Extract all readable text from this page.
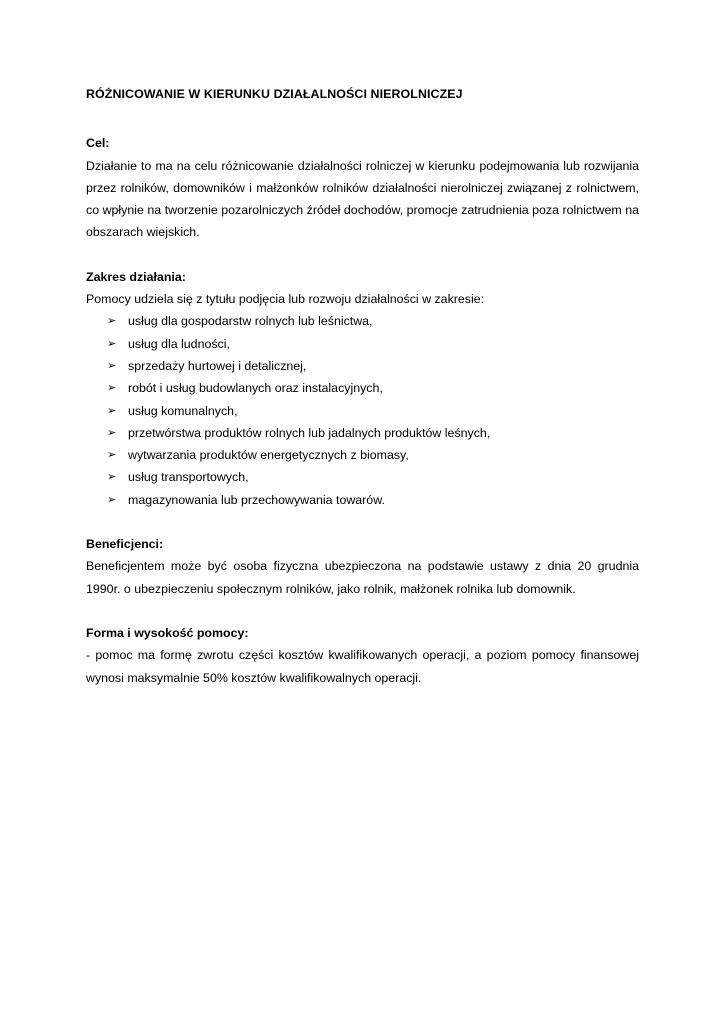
RÓŻNICOWANIE W KIERUNKU DZIAŁALNOŚCI NIEROLNICZEJ

Cel:

Działanie to ma na celu różnicowanie działalności rolniczej w kierunku podejmowania lub rozwijania przez rolników, domowników i małżonków rolników działalności nierolniczej związanej z rolnictwem, co wpłynie na tworzenie pozarolniczych źródeł dochodów, promocje zatrudnienia poza rolnictwem na obszarach wiejskich.

Zakres działania:

Pomocy udziela się z tytułu podjęcia lub rozwoju działalności w zakresie:

➢ usług dla gospodarstw rolnych lub leśnictwa,
➢ usług dla ludności,
➢ sprzedaży hurtowej i detalicznej,
➢ robót i usług budowlanych oraz instalacyjnych,
➢ usług komunalnych,
➢ przetwórstwa produktów rolnych lub jadalnych produktów leśnych,
➢ wytwarzania produktów energetycznych z biomasy,
➢ usług transportowych,
➢ magazynowania lub przechowywania towarów.

Beneficjenci:

Beneficjentem może być osoba fizyczna ubezpieczona na podstawie ustawy z dnia 20 grudnia 1990r. o ubezpieczeniu społecznym rolników, jako rolnik, małżonek rolnika lub domownik.

Forma i wysokość pomocy:

- pomoc ma formę zwrotu części kosztów kwalifikowanych operacji, a poziom pomocy finansowej wynosi maksymalnie 50% kosztów kwalifikowalnych operacji.
